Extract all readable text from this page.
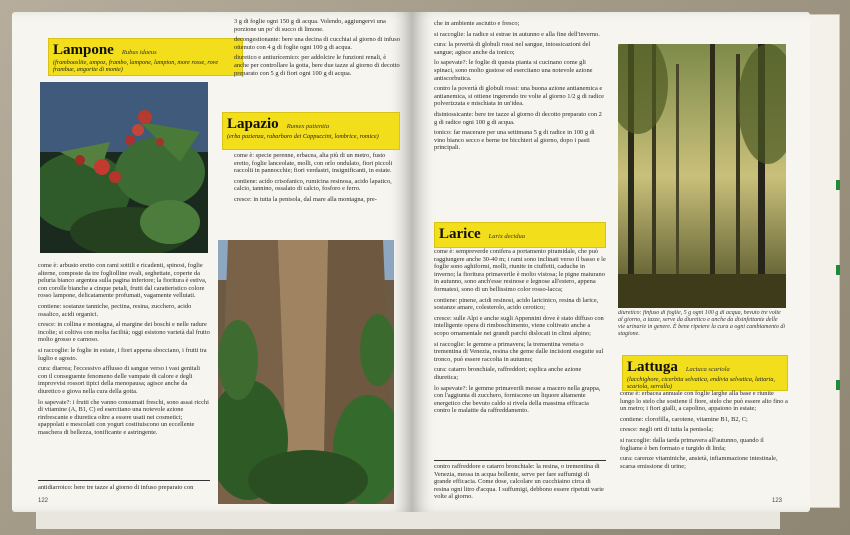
Lampone Rubus idaeus
(framboaslite, ampoz, frambo, lampone, lampion, more rosse, rove frambue, angorite di monte)

come è: arbusto eretto con rami sottili e ricadenti, spinosi, foglie alterne, composte da tre fogliolline ovali, seghettate, coperte da peluria bianco argentea sulla pagina inferiore; la fioritura è estiva, con corolle bianche a cinque petali, frutti dal caratteristico colore rosso lampone, delicatamente profumati, vagamente vellutati.

contiene: sostanze tanniche, pectina, resina, zucchero, acido ossalico, acidi organici.

cresce: in collina e montagna, al margine dei boschi e nelle radure incolte; si coltiva con molta facilità; oggi esistono varietà dal frutto molto grosso e carnoso.

si raccoglie: le foglie in estate, i fiori appena sbocciano, i frutti tra luglio e agosto.

cura: diarrea; l'eccessivo afflusso di sangue verso i vasi genitali con il conseguente fenomeno delle vampate di calore e degli improvvisi rossori tipici della menopausa; agisce anche da diuretico e giova nella cura della gotta.

lo sapevate?: i frutti che vanno consumati freschi, sono assai ricchi di vitamine (A, B1, C) ed esercitano una notevole azione rinfrescante e diuretica oltre a essere usati nei cosmetici; spappolati e mescolati con yogurt costituiscono un eccellente maschera di bellezza, tonificante e astringente.

antidiarroico: bere tre tazze al giorno di infuso preparato con

3 g di foglie ogni 150 g di acqua. Volendo, aggiungervi una porzione un po' di succo di limone.

decongestionante: bere una decina di cucchiai al giorno di infuso ottenuto con 4 g di foglie ogni 100 g di acqua.

diuretico e antiurícemico: per addolcire le funzioni renali, è anche per controllare la gotta, bere due tazze al giorno di decotto preparato con 5 g di fiori ogni 100 g di acqua.

Lapazio Rumex patientia
(erba pazienza, rabarbaro dei Cappuccini, lombrice, romice)

come è: specie perenne, erbacea, alta più di un metro, fusto eretto, foglie lanceolate, molli, con orlo ondulato, fiori piccoli raccolti in pannocchie; fiori verdastri, insignificanti, in estate.

contiene: acido crisofanico, rumicina resinosa, acido lapatico, calcio, tannino, ossalato di calcio, fosforo e ferro.

cresce: in tutta la penisola, dal mare alla montagna, pre-

122

che in ambiente asciutto e fresco;

si raccoglie: la radice si estrae in autunno e alla fine dell'inverno.

cura: la povertà di globuli rossi nel sangue, intossicazioni del sangue; agisce anche da tonico;

lo sapevate?: le foglie di questa pianta si cucinano come gli spinaci, sono molto gustose ed esercitano una notevole azione antiscorbutica.

contro la povertà di globuli rossi: una buona azione antianemica e antianemica, si ottiene ingerendo tre volte al giorno 1/2 g di radice polverizzata e mischiata in un'idea.

disintossicante: bere tre tazze al giorno di decotto preparato con 2 g di radice ogni 100 g di acqua.

tonico: far macerare per una settimana 5 g di radice in 100 g di vino bianco secco e berne tre bicchieri al giorno, dopo i pasti principali.

Larice Larix decidua

come è: sempreverde conifera a portamento piramidale, che può raggiungere anche 30-40 m; i rami sono inclinati verso il basso e le foglie sono aghiformi, molli, riunite in ciuffetti, caduche in inverno; la fioritura primaverile è molto vistosa; le pigne maturano in autunno, sono anch'esse resinose e legnose all'estero, appena formatesi, sono di un bellissimo color rosso-lacca;

contiene: pinene, acidi resinosi, acido laricinico, resina di larice, sostanze amare, colesterolo, acido cerotico;

cresce: sulle Alpi e anche sugli Appennini dove è stato diffuso con intelligente opera di rimboschimento, viene coltivato anche a scopo ornamentale nei grandi parchi dislocati in climi alpino;

si raccoglie: le gemme a primavera; la trementina veneta o trementina di Venezia, resina che geme dalle incisioni eseguite sul tronco, può essere raccolta in autunno;

cura: catarro bronchiale, raffreddori; esplica anche azione diuretica;

lo sapevate?: le gemme primaverili messe a macero nella grappa, con l'aggiunta di zucchero, forniscono un liquore altamente energetico che bevuto caldo si rivela della massima efficacia contro le malattie da raffreddamento.

contro raffreddore e catarro bronchiale: la resina, o trementina di Venezia, messa in acqua bollente, serve per fare suffumigi di grande efficacia. Come dose, calcolare un cucchiaino circa di resina ogni litro d'acqua. I suffumigi, debbono essere ripetuti varie volte al giorno.
diuretico: finfuso di foglie, 5 g ogni 100 g di acqua, bevuto tre volte al giorno, a tazze, serve da diuretico e anche da disinfettante delle vie urinarie in genere. È bene ripetere la cura a ogni cambiamento di stagione.
Lattuga Lactuca scariola
(lacchighore, cicerbita selvatica, endivia selvatica, lattaria, scariola, serralla)

come è: erbacea annuale con foglie larghe alla base e riunite lungo lo stelo che sostiene il fiore, stelo che può essere alto fino a un metro; i fiori gialli, a capolino, appaiono in estate;

contiene: clorofilla, carotene, vitamine B1, B2, C;

cresce: negli orti di tutta la penisola;

si raccoglie: dalla tarda primavera all'autunno, quando il fogliame è ben formato e turgido di linfa;

cura: carenze vitaminiche, ansietà, infiammazione intestinale, scarsa emissione di urine;

123
